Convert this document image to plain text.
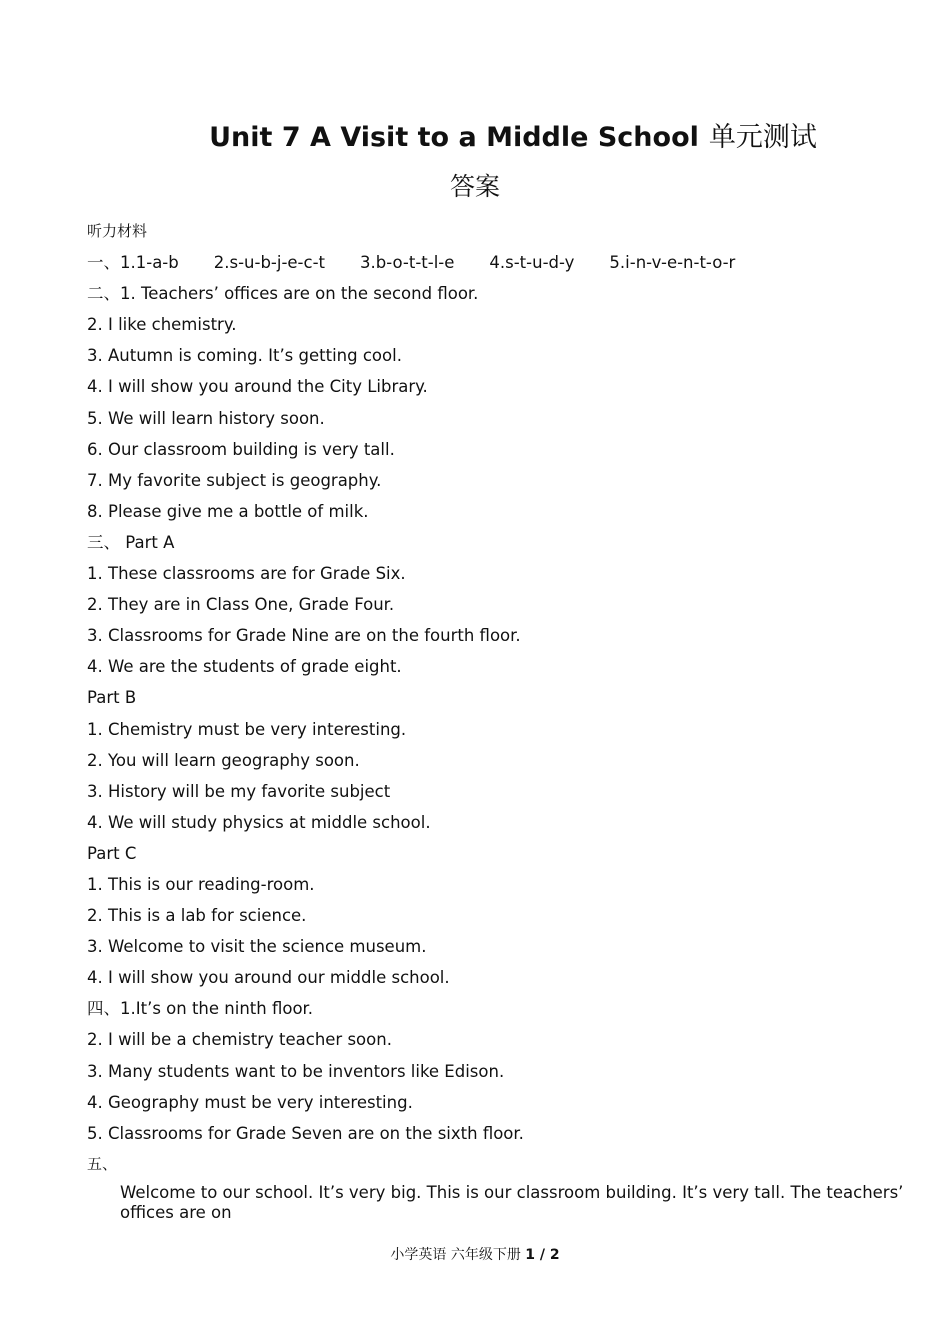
Unit 7 A Visit to a Middle School 单元测试
答案
听力材料
一、1.1-a-b 2.s-u-b-j-e-c-t 3.b-o-t-t-l-e 4.s-t-u-d-y 5.i-n-v-e-n-t-o-r
二、1. Teachers’ offices are on the second floor.
2. I like chemistry.
3. Autumn is coming. It’s getting cool.
4. I will show you around the City Library.
5. We will learn history soon.
6. Our classroom building is very tall.
7. My favorite subject is geography.
8. Please give me a bottle of milk.
三、 Part A
1. These classrooms are for Grade Six.
2. They are in Class One, Grade Four.
3. Classrooms for Grade Nine are on the fourth floor.
4. We are the students of grade eight.
Part B
1. Chemistry must be very interesting.
2. You will learn geography soon.
3. History will be my favorite subject
4. We will study physics at middle school.
Part C
1. This is our reading-room.
2. This is a lab for science.
3. Welcome to visit the science museum.
4. I will show you around our middle school.
四、1.It’s on the ninth floor.
2. I will be a chemistry teacher soon.
3. Many students want to be inventors like Edison.
4. Geography must be very interesting.
5. Classrooms for Grade Seven are on the sixth floor.
五、
Welcome to our school. It’s very big. This is our classroom building. It’s very tall. The teachers’ offices are on
小学英语 六年级下册 1 / 2
